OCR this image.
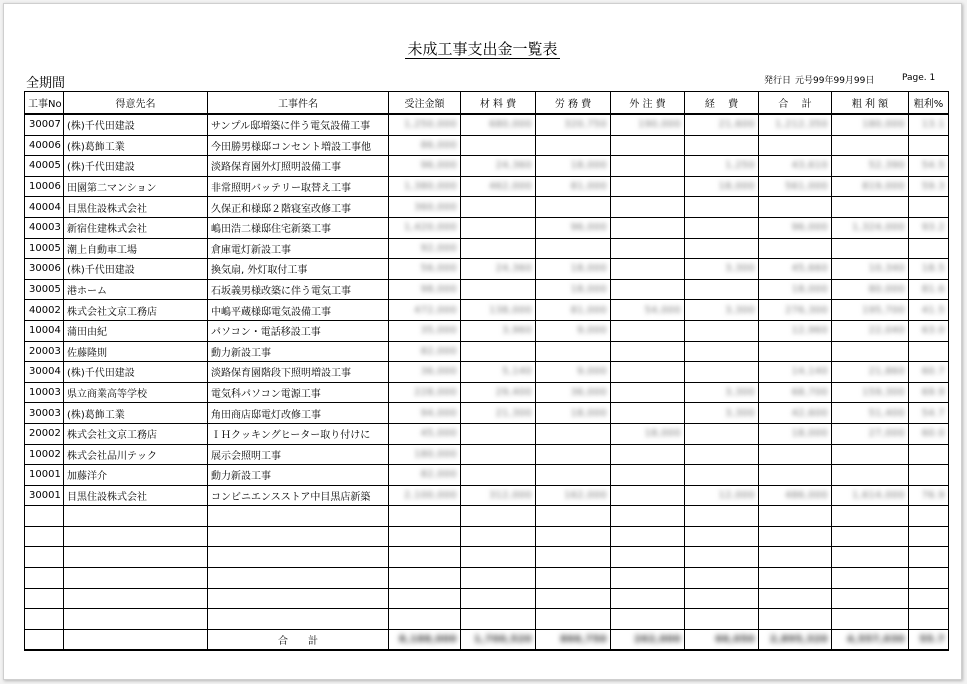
未成工事支出金一覧表
全期間	発行日 元号99年99月99日	Page. 1
工事No	得意先名	工事件名	受注金額	材 料 費	労 務 費	外 注 費	経　 費	合　 計	粗 利 額	粗利%
30007	(株)千代田建設	サンプル邸増築に伴う電気設備工事	1,250,000	680,000	320,750	190,000	21,600	1,212,350	180,000	13.1
40006	(株)葛飾工業	今田勝男様邸コンセント増設工事他	86,000							
40005	(株)千代田建設	淡路保育園外灯照明設備工事	96,000	24,360	18,000		1,250	43,610	52,390	54.5
10006	田園第二マンション	非常照明バッテリー取替え工事	1,380,000	462,000	81,000		18,000	561,000	819,000	59.3
40004	目黒住設株式会社	久保正和様邸２階寝室改修工事	360,000							
40003	新宿住建株式会社	嶋田浩二様邸住宅新築工事	1,420,000		96,000			96,000	1,324,000	93.2
10005	潮上自動車工場	倉庫電灯新設工事	92,000							
30006	(株)千代田建設	換気扇, 外灯取付工事	56,000	24,360	18,000		3,300	45,660	10,340	18.5
30005	港ホーム	石坂義男様改築に伴う電気工事	98,000		18,000			18,000	80,000	81.6
40002	株式会社文京工務店	中嶋平蔵様邸電気設備工事	472,000	138,000	81,000	54,000	3,300	276,300	195,700	41.5
10004	蒲田由紀	パソコン・電話移設工事	35,000	3,960	9,000			12,960	22,040	63.0
20003	佐藤隆則	動力新設工事	82,000							
30004	(株)千代田建設	淡路保育園階段下照明増設工事	36,000	5,140	9,000			14,140	21,860	60.7
10003	県立商業高等学校	電気科パソコン電源工事	228,000	29,400	36,000		3,300	68,700	159,300	69.9
30003	(株)葛飾工業	角田商店邸電灯改修工事	94,000	21,300	18,000		3,300	42,600	51,400	54.7
20002	株式会社文京工務店	ＩＨクッキングヒーター取り付けに	45,000			18,000		18,000	27,000	60.0
10002	株式会社品川テック	展示会照明工事	180,000							
10001	加藤洋介	動力新設工事	82,000							
30001	目黒住設株式会社	コンビニエンスストア中目黒店新築	2,100,000	312,000	162,000		12,000	486,000	1,614,000	76.9

		合　　計	8,188,000	1,700,520	866,750	262,000	66,050	2,895,320	4,557,030	55.7
